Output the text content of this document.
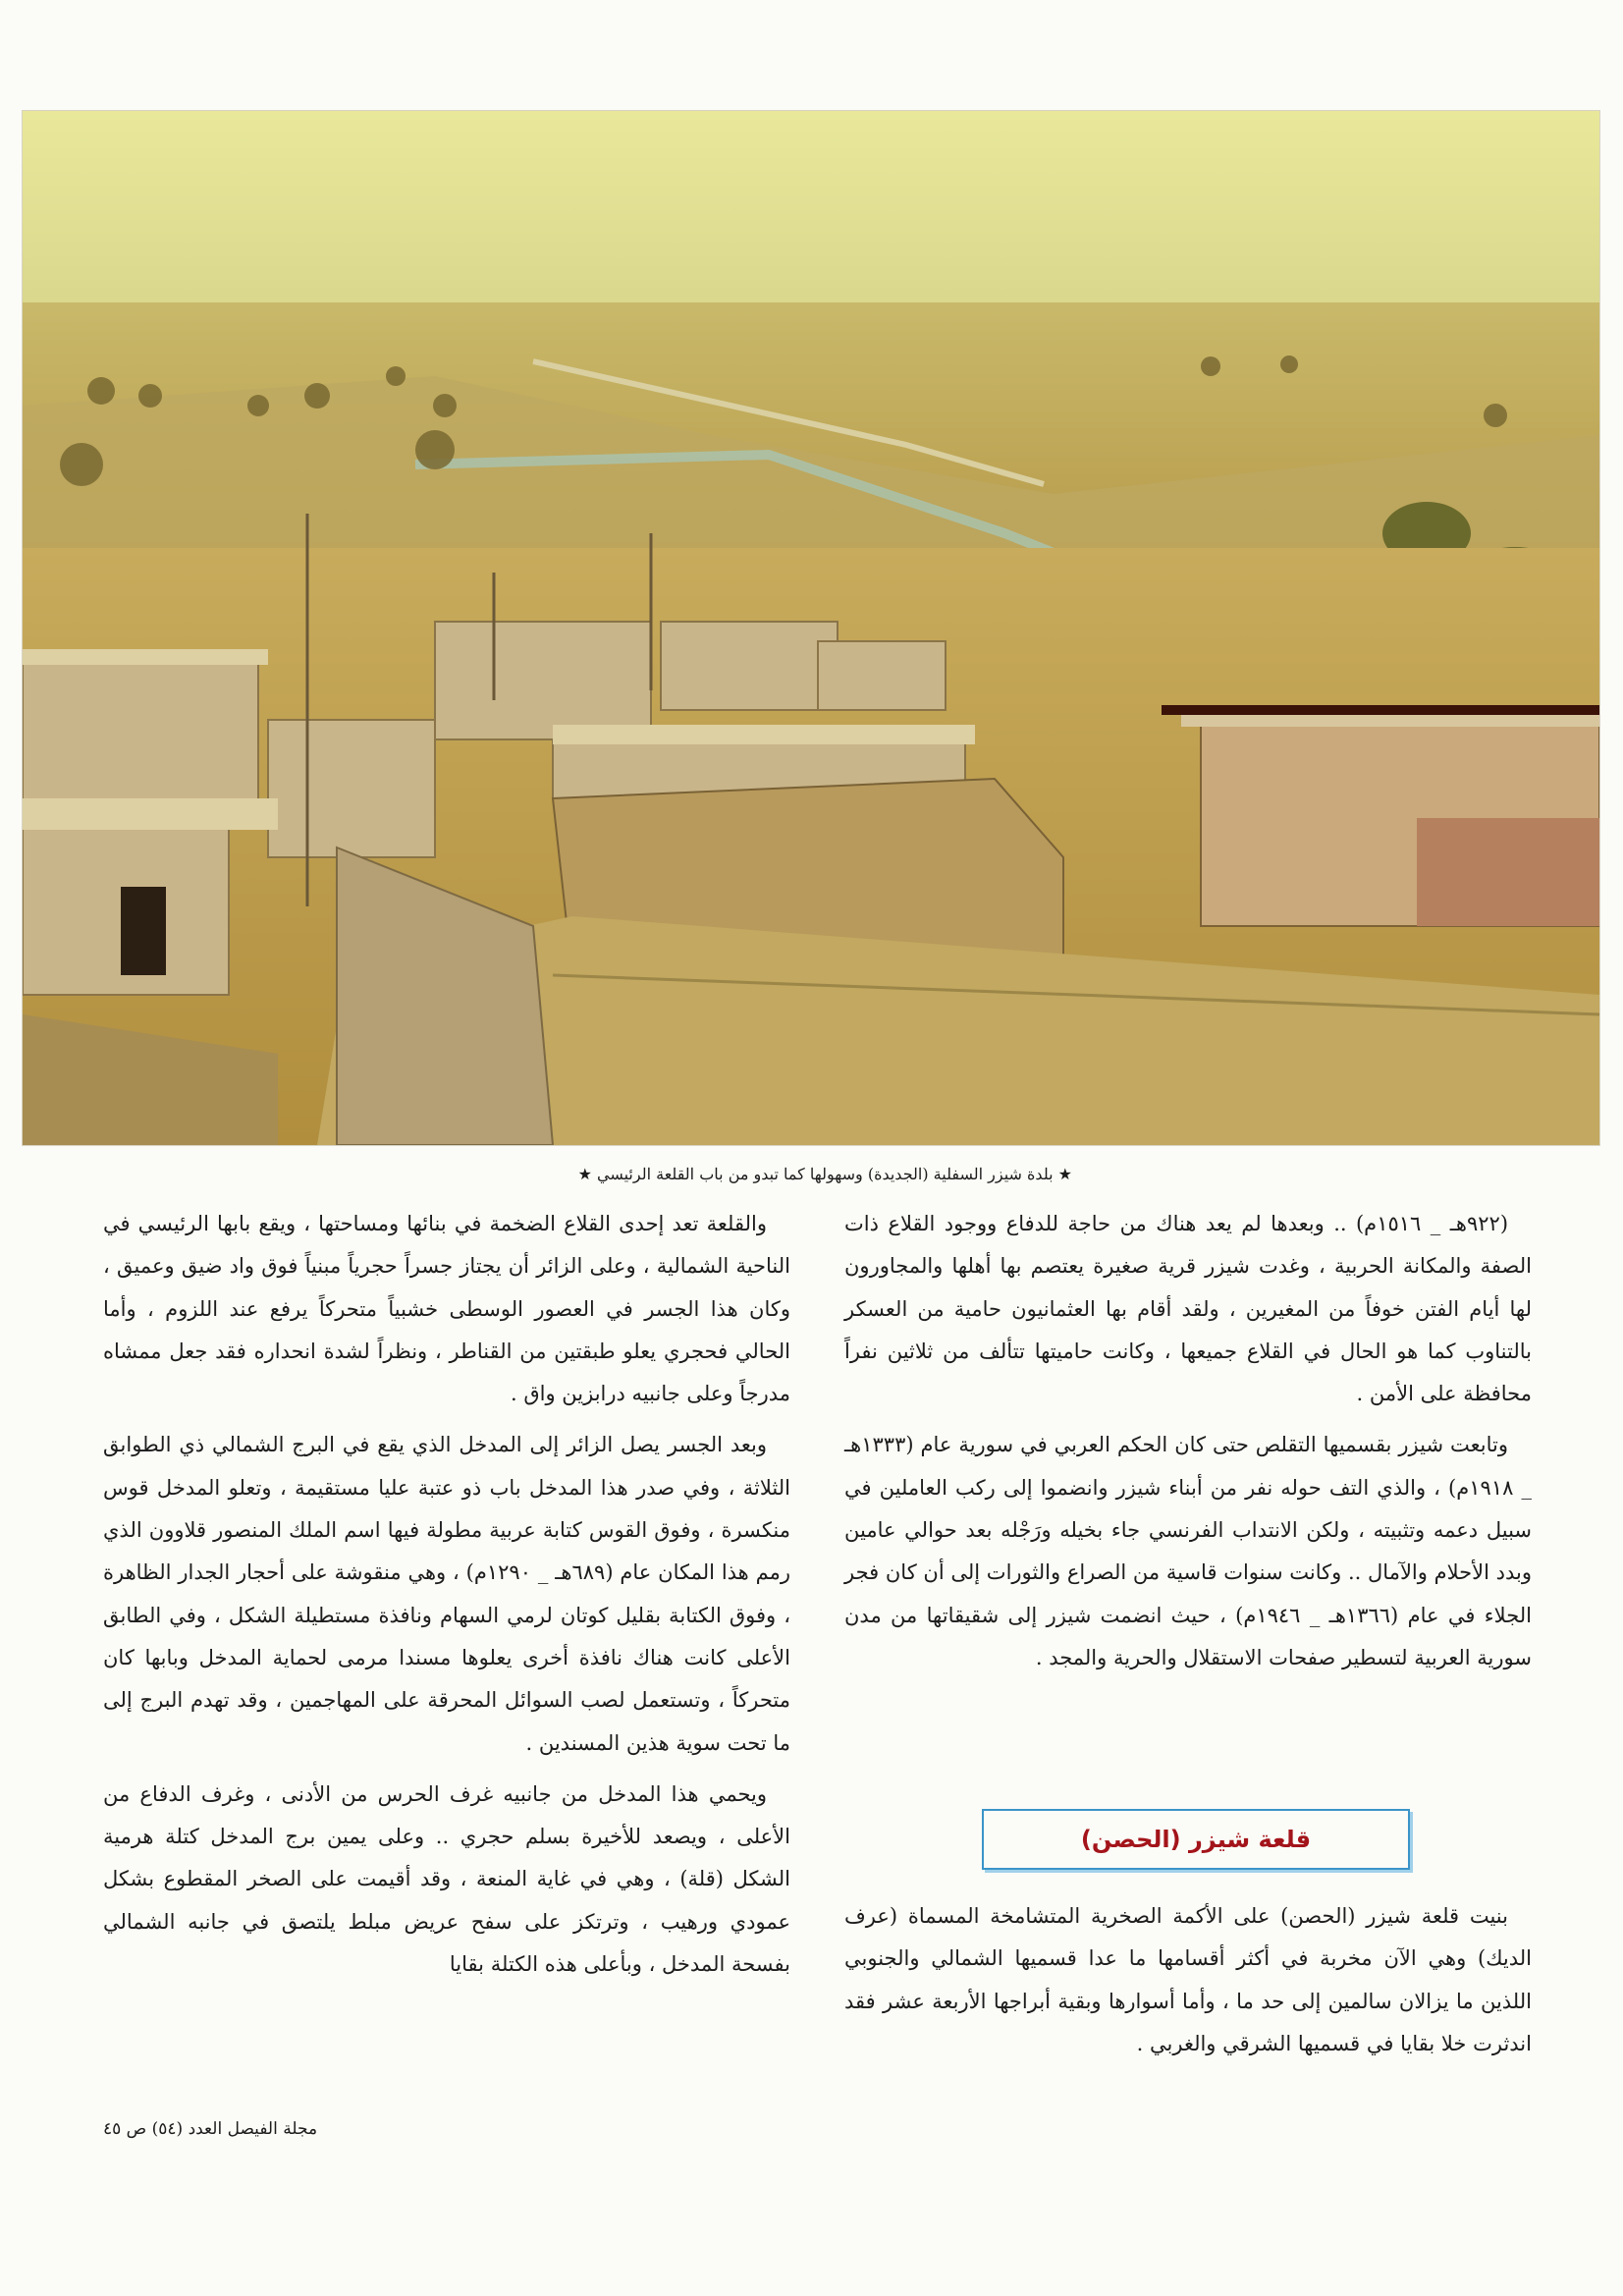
★ بلدة شيزر السفلية (الجديدة) وسهولها كما تبدو من باب القلعة الرئيسي ★

(٩٢٢هـ _ ١٥١٦م) .. وبعدها لم يعد هناك من حاجة للدفاع ووجود القلاع ذات الصفة والمكانة الحربية ، وغدت شيزر قرية صغيرة يعتصم بها أهلها والمجاورون لها أيام الفتن خوفاً من المغيرين ، ولقد أقام بها العثمانيون حامية من العسكر بالتناوب كما هو الحال في القلاع جميعها ، وكانت حاميتها تتألف من ثلاثين نفراً محافظة على الأمن .

وتابعت شيزر بقسميها التقلص حتى كان الحكم العربي في سورية عام (١٣٣٣هـ _ ١٩١٨م) ، والذي التف حوله نفر من أبناء شيزر وانضموا إلى ركب العاملين في سبيل دعمه وتثبيته ، ولكن الانتداب الفرنسي جاء بخيله ورَجْله بعد حوالي عامين وبدد الأحلام والآمال .. وكانت سنوات قاسية من الصراع والثورات إلى أن كان فجر الجلاء في عام (١٣٦٦هـ _ ١٩٤٦م) ، حيث انضمت شيزر إلى شقيقاتها من مدن سورية العربية لتسطير صفحات الاستقلال والحرية والمجد .

قلعة شيزر (الحصن)

بنيت قلعة شيزر (الحصن) على الأكمة الصخرية المتشامخة المسماة (عرف الديك) وهي الآن مخربة في أكثر أقسامها ما عدا قسميها الشمالي والجنوبي اللذين ما يزالان سالمين إلى حد ما ، وأما أسوارها وبقية أبراجها الأربعة عشر فقد اندثرت خلا بقايا في قسميها الشرقي والغربي .

والقلعة تعد إحدى القلاع الضخمة في بنائها ومساحتها ، ويقع بابها الرئيسي في الناحية الشمالية ، وعلى الزائر أن يجتاز جسراً حجرياً مبنياً فوق واد ضيق وعميق ، وكان هذا الجسر في العصور الوسطى خشبياً متحركاً يرفع عند اللزوم ، وأما الحالي فحجري يعلو طبقتين من القناطر ، ونظراً لشدة انحداره فقد جعل ممشاه مدرجاً وعلى جانبيه درابزين واق .

وبعد الجسر يصل الزائر إلى المدخل الذي يقع في البرج الشمالي ذي الطوابق الثلاثة ، وفي صدر هذا المدخل باب ذو عتبة عليا مستقيمة ، وتعلو المدخل قوس منكسرة ، وفوق القوس كتابة عربية مطولة فيها اسم الملك المنصور قلاوون الذي رمم هذا المكان عام (٦٨٩هـ _ ١٢٩٠م) ، وهي منقوشة على أحجار الجدار الظاهرة ، وفوق الكتابة بقليل كوتان لرمي السهام ونافذة مستطيلة الشكل ، وفي الطابق الأعلى كانت هناك نافذة أخرى يعلوها مسندا مرمى لحماية المدخل وبابها كان متحركاً ، وتستعمل لصب السوائل المحرقة على المهاجمين ، وقد تهدم البرج إلى ما تحت سوية هذين المسندين .

ويحمي هذا المدخل من جانبيه غرف الحرس من الأدنى ، وغرف الدفاع من الأعلى ، ويصعد للأخيرة بسلم حجري .. وعلى يمين برج المدخل كتلة هرمية الشكل (قلة) ، وهي في غاية المنعة ، وقد أقيمت على الصخر المقطوع بشكل عمودي ورهيب ، وترتكز على سفح عريض مبلط يلتصق في جانبه الشمالي بفسحة المدخل ، وبأعلى هذه الكتلة بقايا

مجلة الفيصل العدد (٥٤) ص ٤٥
